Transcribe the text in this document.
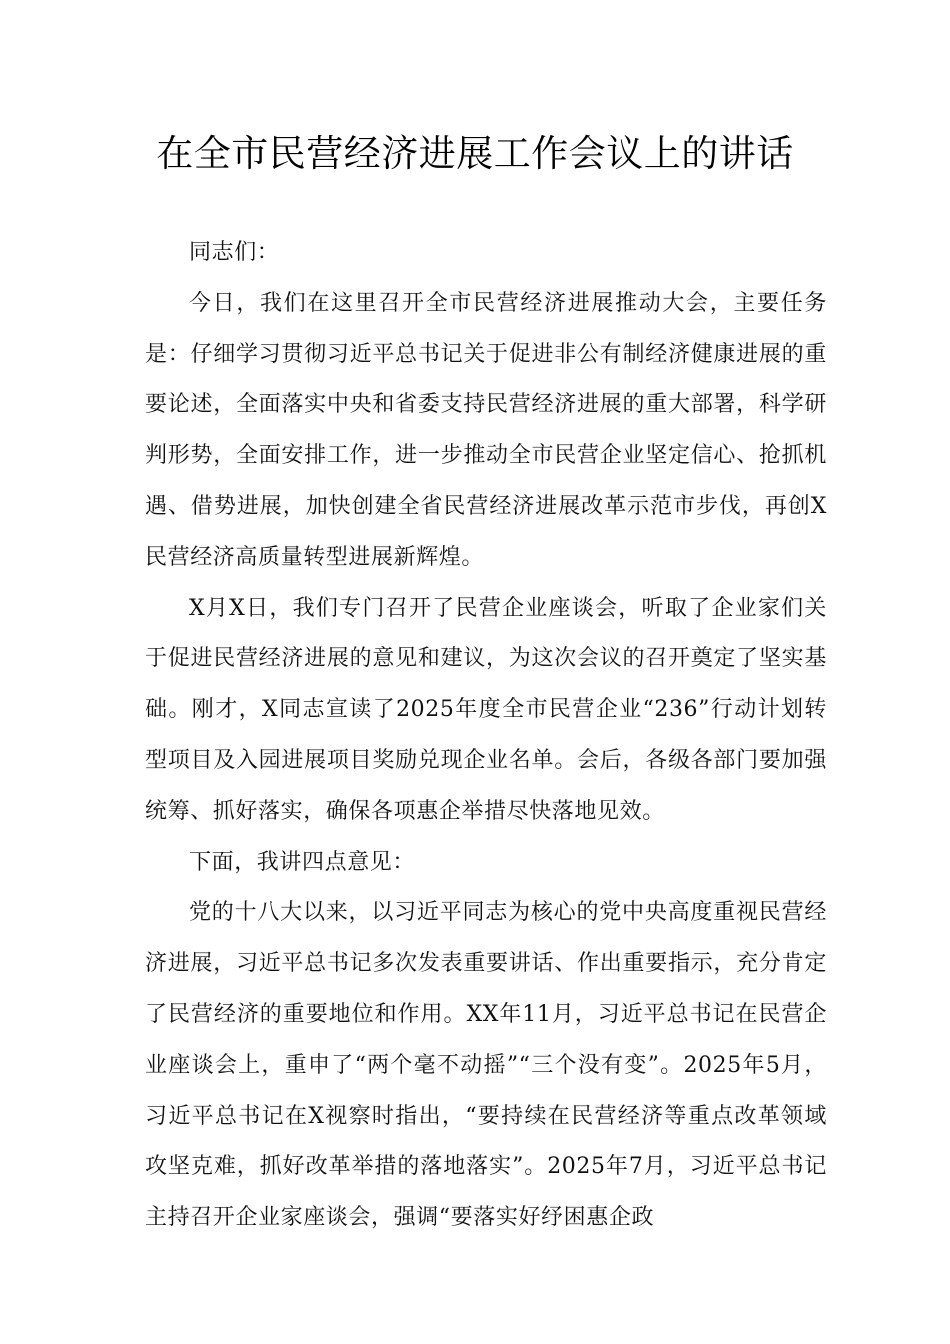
在全市民营经济进展工作会议上的讲话

同志们：

今日，我们在这里召开全市民营经济进展推动大会，主要任务是：仔细学习贯彻习近平总书记关于促进非公有制经济健康进展的重要论述，全面落实中央和省委支持民营经济进展的重大部署，科学研判形势，全面安排工作，进一步推动全市民营企业坚定信心、抢抓机遇、借势进展，加快创建全省民营经济进展改革示范市步伐，再创X民营经济高质量转型进展新辉煌。

X月X日，我们专门召开了民营企业座谈会，听取了企业家们关于促进民营经济进展的意见和建议，为这次会议的召开奠定了坚实基础。刚才，X同志宣读了2025年度全市民营企业“236”行动计划转型项目及入园进展项目奖励兑现企业名单。会后，各级各部门要加强统筹、抓好落实，确保各项惠企举措尽快落地见效。

下面，我讲四点意见：

党的十八大以来，以习近平同志为核心的党中央高度重视民营经济进展，习近平总书记多次发表重要讲话、作出重要指示，充分肯定了民营经济的重要地位和作用。XX年11月，习近平总书记在民营企业座谈会上，重申了“两个毫不动摇”“三个没有变”。2025年5月，习近平总书记在X视察时指出，“要持续在民营经济等重点改革领域攻坚克难，抓好改革举措的落地落实”。2025年7月，习近平总书记主持召开企业家座谈会，强调“要落实好纾困惠企政
